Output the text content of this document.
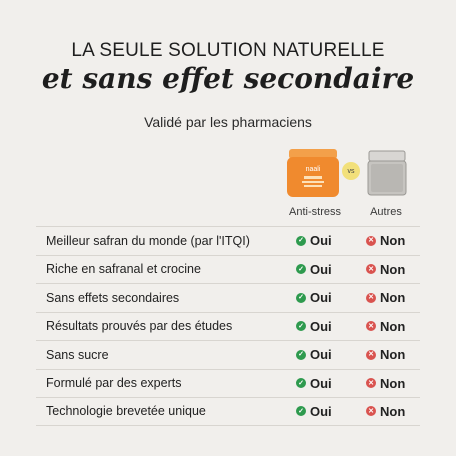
LA SEULE SOLUTION NATURELLE
et sans effet secondaire
Validé par les pharmaciens
naali	vs
Anti-stress	Autres
Meilleur safran du monde (par l'ITQI)	✓ Oui	✕ Non
Riche en safranal et crocine	✓ Oui	✕ Non
Sans effets secondaires	✓ Oui	✕ Non
Résultats prouvés par des études	✓ Oui	✕ Non
Sans sucre	✓ Oui	✕ Non
Formulé par des experts	✓ Oui	✕ Non
Technologie brevetée unique	✓ Oui	✕ Non
